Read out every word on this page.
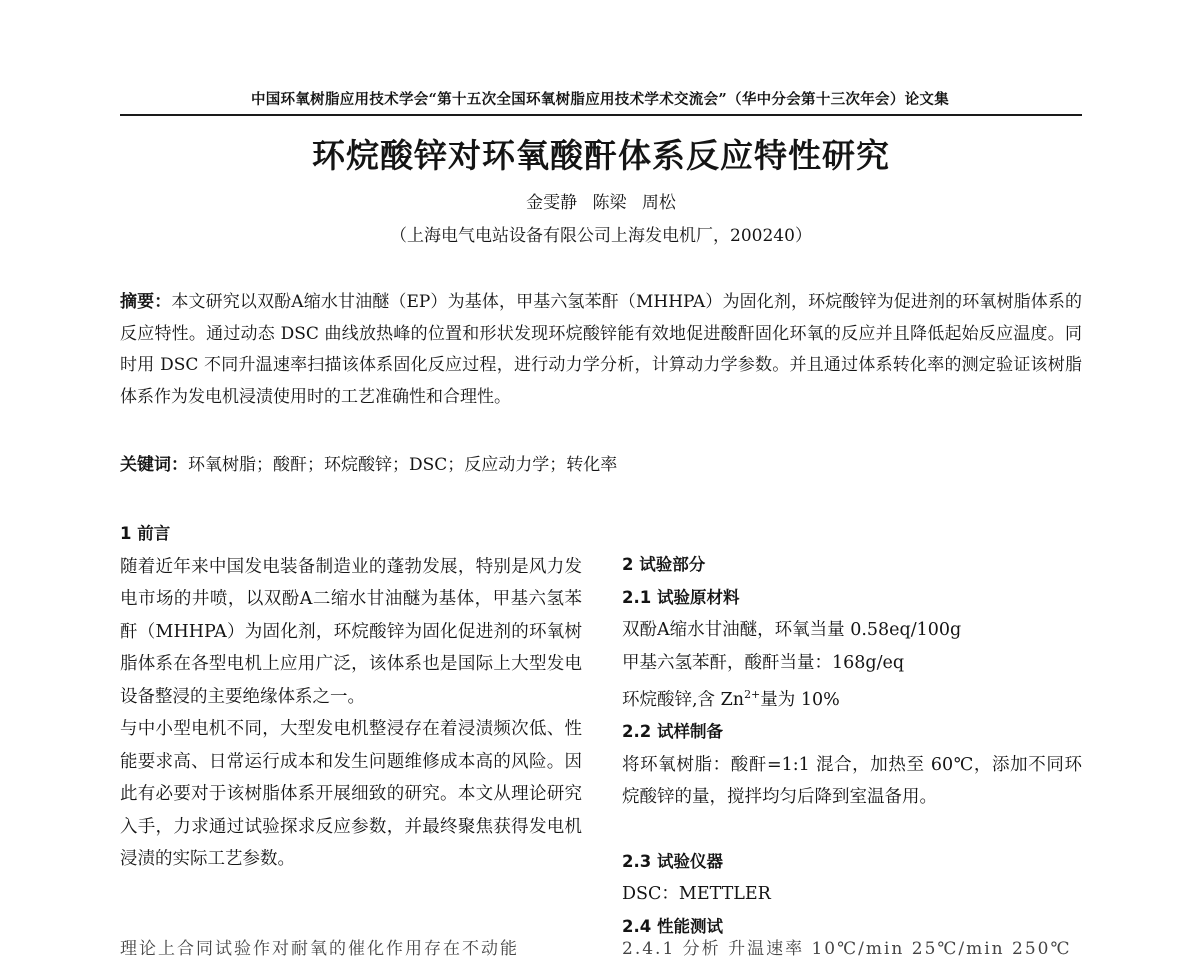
中国环氧树脂应用技术学会“第十五次全国环氧树脂应用技术学术交流会”（华中分会第十三次年会）论文集
环烷酸锌对环氧酸酐体系反应特性研究
金雯静 陈梁 周松
（上海电气电站设备有限公司上海发电机厂，200240）
摘要：本文研究以双酚A缩水甘油醚（EP）为基体，甲基六氢苯酐（MHHPA）为固化剂，环烷酸锌为促进剂的环氧树脂体系的反应特性。通过动态 DSC 曲线放热峰的位置和形状发现环烷酸锌能有效地促进酸酐固化环氧的反应并且降低起始反应温度。同时用 DSC 不同升温速率扫描该体系固化反应过程，进行动力学分析，计算动力学参数。并且通过体系转化率的测定验证该树脂体系作为发电机浸渍使用时的工艺准确性和合理性。
关键词：环氧树脂；酸酐；环烷酸锌；DSC；反应动力学；转化率
1 前言
随着近年来中国发电装备制造业的蓬勃发展，特别是风力发电市场的井喷，以双酚A二缩水甘油醚为基体，甲基六氢苯酐（MHHPA）为固化剂，环烷酸锌为固化促进剂的环氧树脂体系在各型电机上应用广泛，该体系也是国际上大型发电设备整浸的主要绝缘体系之一。
与中小型电机不同，大型发电机整浸存在着浸渍频次低、性能要求高、日常运行成本和发生问题维修成本高的风险。因此有必要对于该树脂体系开展细致的研究。本文从理论研究入手，力求通过试验探求反应参数，并最终聚焦获得发电机浸渍的实际工艺参数。
理论上合同试验作对耐氧的催化作用存在不动能
2 试验部分
2.1 试验原材料
双酚A缩水甘油醚，环氧当量 0.58eq/100g
甲基六氢苯酐，酸酐当量：168g/eq
环烷酸锌,含 $Zn^{2+}$量为 10%
2.2 试样制备
将环氧树脂：酸酐=1:1 混合，加热至 60℃，添加不同环烷酸锌的量，搅拌均匀后降到室温备用。
2.3 试验仪器
DSC：METTLER
2.4 性能测试
2.4.1 分析 升温速率 10℃/min 25℃/min 250℃
